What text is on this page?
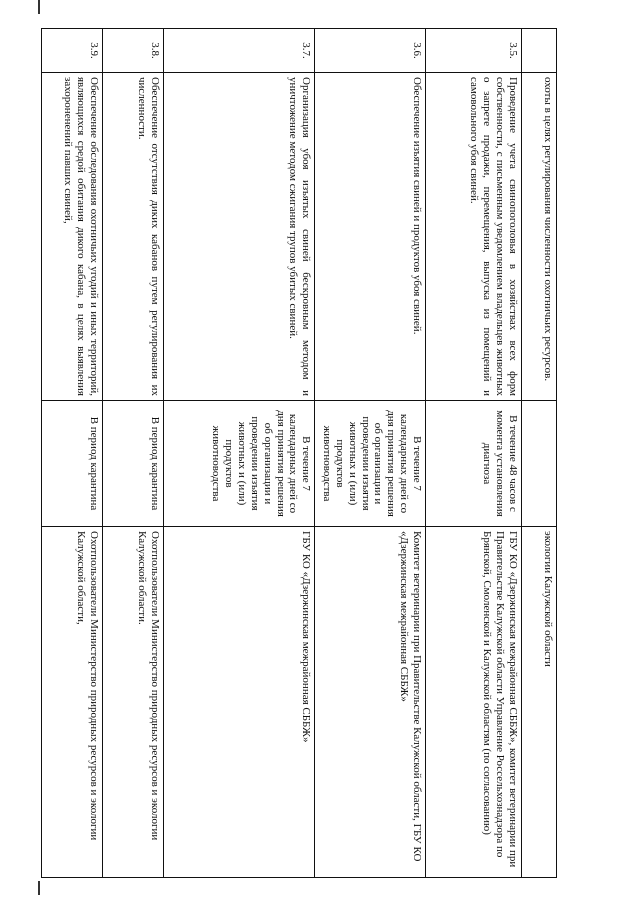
	охоты в целях регулирования численности охотничьих ресурсов.		экологии Калужской области
3.5.	Проведение учета свинопоголовья в хозяйствах всех форм собственности, с письменным уведомлением владельцев животных о запрете продажи, перемещения, выпуска из помещений и самовольного убоя свиней.	В течение 48 часов с момента установления диагноза	ГБУ КО «Дзержинская межрайонная СББЖ», комитет ветеринарии при Правительстве Калужской области Управление Россельхознадзора по Брянской, Смоленской и Калужской областям (по согласованию)
3.6.	Обеспечение изъятия свиней и продуктов убоя свиней.	В течение 7 календарных дней со дня принятия решения об организации и проведении изъятия животных и (или) продуктов животноводства	Комитет ветеринарии при Правительстве Калужской области, ГБУ КО «Дзержинская межрайонная СББЖ»
3.7.	Организация убоя изъятых свиней бескровным методом и уничтожение методом сжигания трупов убитых свиней.	В течение 7 календарных дней со дня принятия решения об организации и проведении изъятия животных и (или) продуктов животноводства	ГБУ КО «Дзержинская межрайонная СББЖ»
3.8.	Обеспечение отсутствия диких кабанов путем регулирования их численности.	В период карантина	Охотпользователи Министерство природных ресурсов и экологии Калужской области.
3.9.	Обеспечение обследования охотничьих угодий и иных территорий, являющихся средой обитания дикого кабана, в целях выявления захороненений павших свиней,	В период карантина	Охотпользователи Министерство природных ресурсов и экологии Калужской области,
